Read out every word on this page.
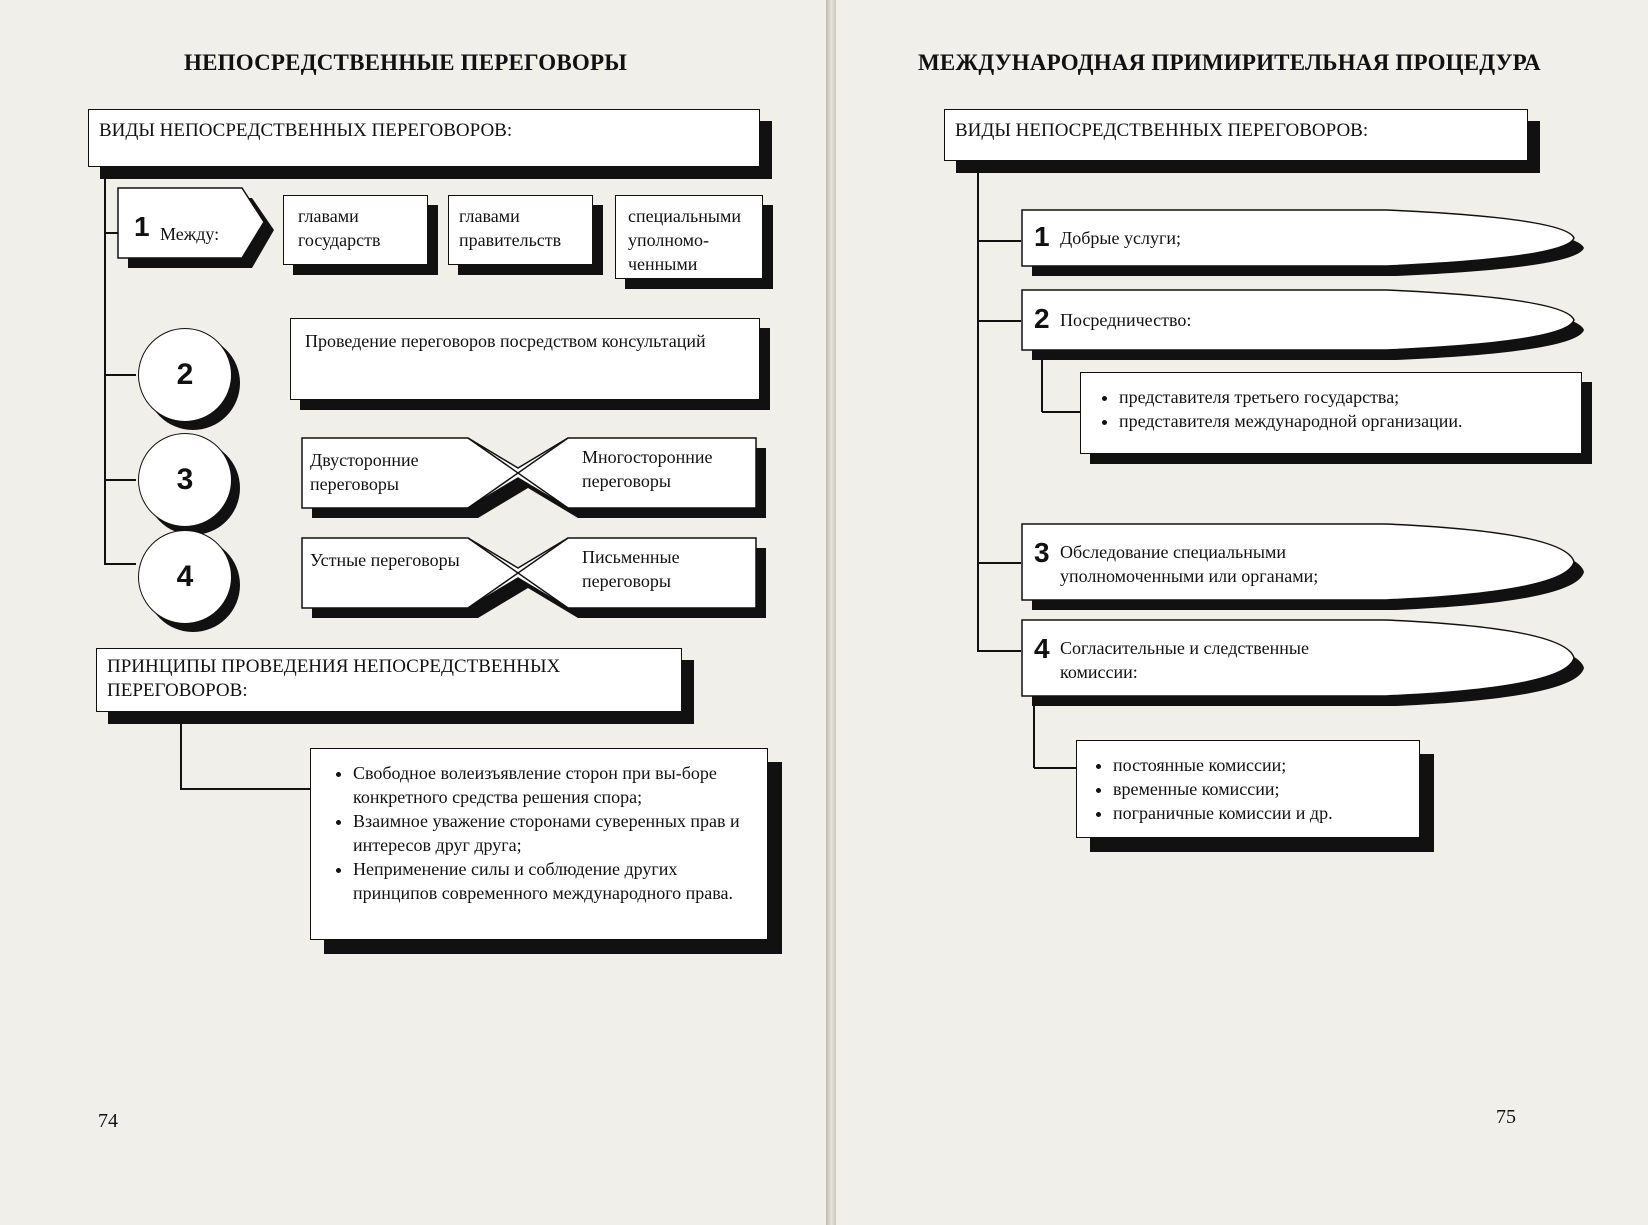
НЕПОСРЕДСТВЕННЫЕ ПЕРЕГОВОРЫ
ВИДЫ НЕПОСРЕДСТВЕННЫХ ПЕРЕГОВОРОВ:
1 Между:
главами государств
главами правительств
специальными уполномо-ченными
2
Проведение переговоров посредством консультаций
3
Двусторонние переговоры
Многосторонние переговоры
4	Устные переговоры	Письменные переговоры
ПРИНЦИПЫ ПРОВЕДЕНИЯ НЕПОСРЕДСТВЕННЫХ ПЕРЕГОВОРОВ:
• Свободное волеизъявление сторон при вы-боре конкретного средства решения спора;
• Взаимное уважение сторонами суверенных прав и интересов друг друга;
• Неприменение силы и соблюдение других принципов современного международного права.
74
МЕЖДУНАРОДНАЯ ПРИМИРИТЕЛЬНАЯ ПРОЦЕДУРА
ВИДЫ НЕПОСРЕДСТВЕННЫХ ПЕРЕГОВОРОВ:
1 Добрые услуги;
2 Посредничество:
3 Обследование специальными уполномоченными или органами;
4 Согласительные и следственные комиссии:
• представителя третьего государства;
• представителя международной организации.
• постоянные комиссии;
• временные комиссии;
• пограничные комиссии и др.
75
